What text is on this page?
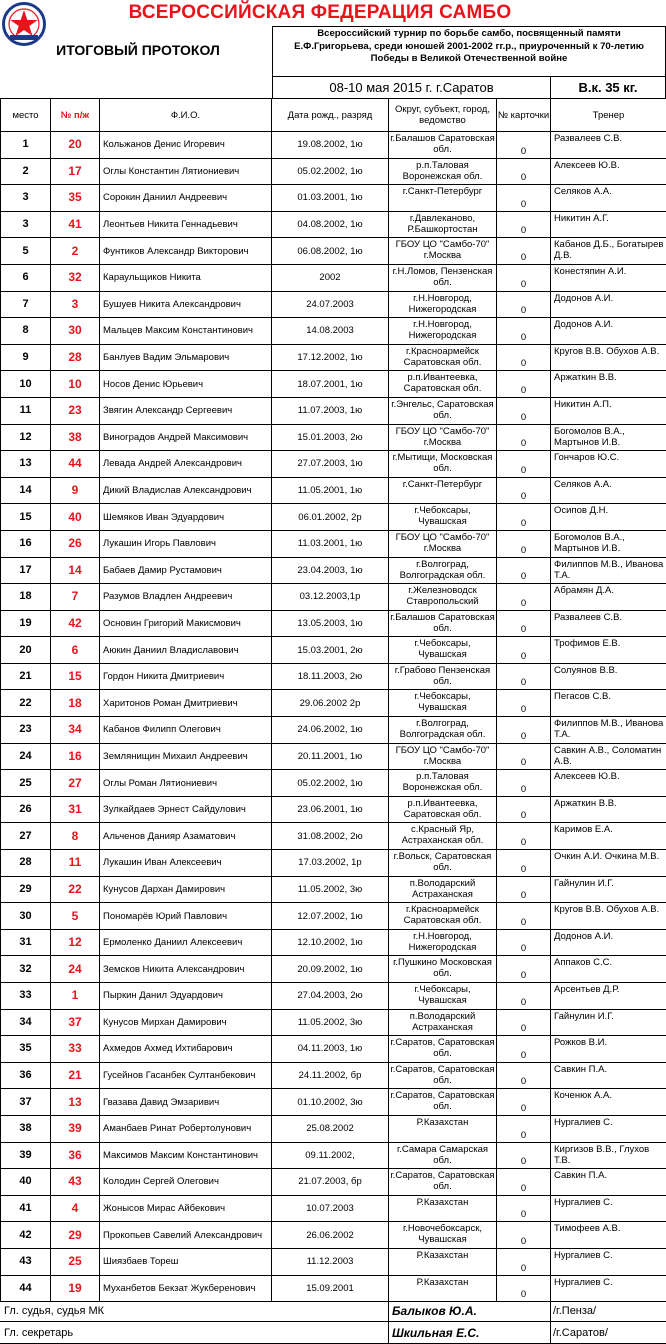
ВСЕРОССИЙСКАЯ ФЕДЕРАЦИЯ САМБО
ИТОГОВЫЙ ПРОТОКОЛ
Всероссийский турнир по борьбе самбо, посвященный памяти
Е.Ф.Григорьева, среди юношей 2001-2002 гг.р., приуроченный к 70-летию
Победы в Великой Отечественной войне
08-10 мая 2015 г. г.Саратов	В.к. 35 кг.
место	№ п/ж	Ф.И.О.	Дата рожд., разряд	Округ, субъект, город, ведомство	№ карточки	Тренер
1	20	Кольжанов Денис Игоревич	19.08.2002, 1ю	г.Балашов Саратовская обл.	0	Развалеев С.В.
2	17	Оглы Константин Лятиониевич	05.02.2002, 1ю	р.п.Таловая Воронежская обл.	0	Алексеев Ю.В.
3	35	Сорокин Даниил Андреевич	01.03.2001, 1ю	г.Санкт-Петербург	0	Селяков А.А.
3	41	Леонтьев Никита Геннадьевич	04.08.2002, 1ю	г.Давлеканово, Р.Башкортостан	0	Никитин А.Г.
5	2	Фунтиков Александр Викторович	06.08.2002, 1ю	ГБОУ ЦО "Самбо-70" г.Москва	0	Кабанов Д.Б., Богатырев Д.В.
6	32	Караульщиков Никита	2002	г.Н.Ломов, Пензенская обл.	0	Конестяпин А.И.
7	3	Бушуев Никита Александрович	24.07.2003	г.Н.Новгород, Нижегородская	0	Додонов А.И.
8	30	Мальцев Максим Константинович	14.08.2003	г.Н.Новгород, Нижегородская	0	Додонов А.И.
9	28	Банлуев Вадим Эльмарович	17.12.2002, 1ю	г.Красноармейск Саратовская обл.	0	Кругов В.В. Обухов А.В.
10	10	Носов Денис Юрьевич	18.07.2001, 1ю	р.п.Ивантеевка, Саратовская обл.	0	Аржаткин В.В.
11	23	Звягин Александр Сергеевич	11.07.2003, 1ю	г.Энгельс, Саратовская обл.	0	Никитин А.П.
12	38	Виноградов Андрей Максимович	15.01.2003, 2ю	ГБОУ ЦО "Самбо-70" г.Москва	0	Богомолов В.А., Мартынов И.В.
13	44	Левада Андрей Александрович	27.07.2003, 1ю	г.Мытищи, Московская обл.	0	Гончаров Ю.С.
14	9	Дикий Владислав Александрович	11.05.2001, 1ю	г.Санкт-Петербург	0	Селяков А.А.
15	40	Шемяков Иван Эдуардович	06.01.2002, 2р	г.Чебоксары, Чувашская	0	Осипов Д.Н.
16	26	Лукашин Игорь Павлович	11.03.2001, 1ю	ГБОУ ЦО "Самбо-70" г.Москва	0	Богомолов В.А., Мартынов И.В.
17	14	Бабаев Дамир Рустамович	23.04.2003, 1ю	г.Волгоград, Волгоградская обл.	0	Филиппов М.В., Иванова Т.А.
18	7	Разумов Владлен Андреевич	03.12.2003,1р	г.Железноводск Ставропольский	0	Абрамян Д.А.
19	42	Основин Григорий Макисмович	13.05.2003, 1ю	г.Балашов Саратовская обл.	0	Развалеев С.В.
20	6	Аюкин Даниил Владиславович	15.03.2001, 2ю	г.Чебоксары, Чувашская	0	Трофимов Е.В.
21	15	Гордон Никита Дмитриевич	18.11.2003, 2ю	г.Грабово Пензенская обл.	0	Солуянов В.В.
22	18	Харитонов Роман Дмитриевич	29.06.2002 2р	г.Чебоксары, Чувашская	0	Пегасов С.В.
23	34	Кабанов Филипп Олегович	24.06.2002, 1ю	г.Волгоград, Волгоградская обл.	0	Филиппов М.В., Иванова Т.А.
24	16	Землянищин Михаил Андреевич	20.11.2001, 1ю	ГБОУ ЦО "Самбо-70" г.Москва	0	Савкин А.В., Соломатин А.В.
25	27	Оглы Роман Лятиониевич	05.02.2002, 1ю	р.п.Таловая Воронежская обл.	0	Алексеев Ю.В.
26	31	Зулкайдаев Эрнест Сайдулович	23.06.2001, 1ю	р.п.Ивантеевка, Саратовская обл.	0	Аржаткин В.В.
27	8	Альченов Данияр Азаматович	31.08.2002, 2ю	с.Красный Яр, Астраханская обл.	0	Каримов Е.А.
28	11	Лукашин Иван Алексеевич	17.03.2002, 1р	г.Вольск, Саратовская обл.	0	Очкин А.И. Очкина М.В.
29	22	Кунусов Дархан Дамирович	11.05.2002, 3ю	п.Володарский Астраханская	0	Гайнулин И.Г.
30	5	Пономарёв Юрий Павлович	12.07.2002, 1ю	г.Красноармейск Саратовская обл.	0	Кругов В.В. Обухов А.В.
31	12	Ермоленко Даниил Алексеевич	12.10.2002, 1ю	г.Н.Новгород, Нижегородская	0	Додонов А.И.
32	24	Земсков Никита Александрович	20.09.2002, 1ю	г.Пушкино Московская обл.	0	Аппаков С.С.
33	1	Пыркин Данил Эдуардович	27.04.2003, 2ю	г.Чебоксары, Чувашская	0	Арсентьев Д.Р.
34	37	Кунусов Мирхан Дамирович	11.05.2002, 3ю	п.Володарский Астраханская	0	Гайнулин И.Г.
35	33	Ахмедов Ахмед Ихтибарович	04.11.2003, 1ю	г.Саратов, Саратовская обл.	0	Рожков В.И.
36	21	Гусейнов Гасанбек Султанбекович	24.11.2002, бр	г.Саратов, Саратовская обл.	0	Савкин П.А.
37	13	Гвазава Давид Эмзаривич	01.10.2002, 3ю	г.Саратов, Саратовская обл.	0	Коченюк А.А.
38	39	Аманбаев Ринат Робертолунович	25.08.2002	Р.Казахстан	0	Нургалиев С.
39	36	Максимов Максим Константинович	09.11.2002,	г.Самара Самарская обл.	0	Киргизов В.В., Глухов Т.В.
40	43	Колодин Сергей Олегович	21.07.2003, бр	г.Саратов, Саратовская обл.	0	Савкин П.А.
41	4	Жонысов Мирас Айбекович	10.07.2003	Р.Казахстан	0	Нургалиев С.
42	29	Прокопьев Савелий Александрович	26.06.2002	г.Новочебоксарск, Чувашская	0	Тимофеев А.В.
43	25	Шиязбаев Тореш	11.12.2003	Р.Казахстан	0	Нургалиев С.
44	19	Муханбетов Бекзат Жукберенович	15.09.2001	Р.Казахстан	0	Нургалиев С.
Гл. судья, судья МК	Балыков Ю.А.	/г.Пенза/
Гл. секретарь	Шкильная Е.С.	/г.Саратов/
